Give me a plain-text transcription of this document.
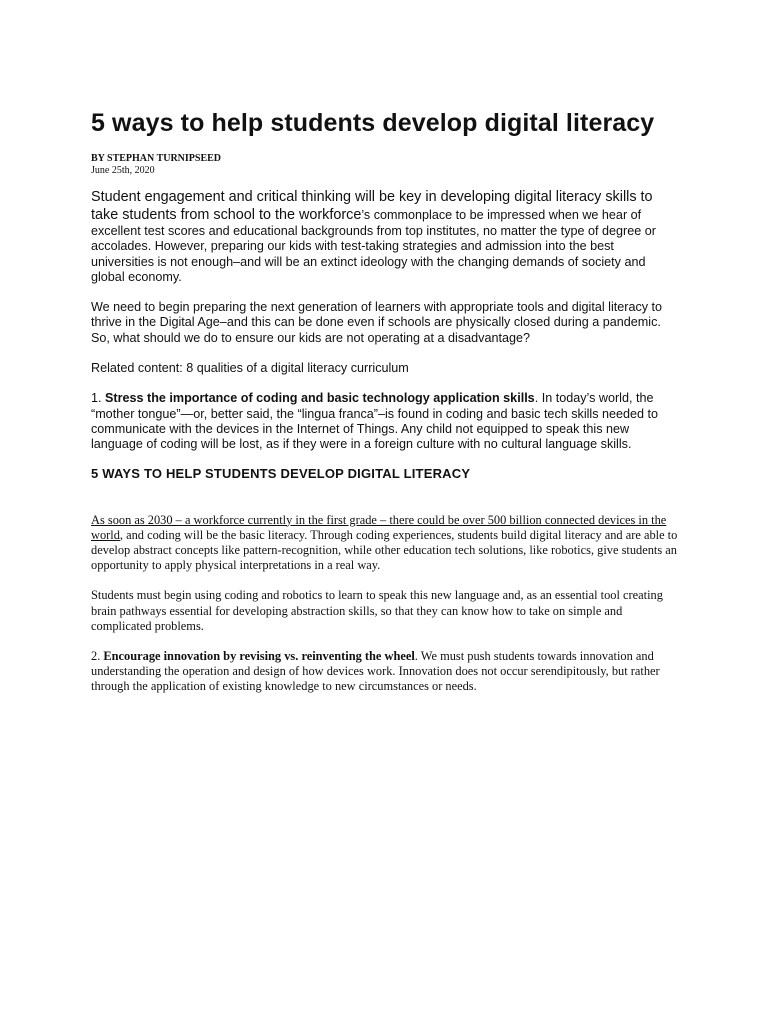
5 ways to help students develop digital literacy
BY STEPHAN TURNIPSEED
June 25th, 2020

Student engagement and critical thinking will be key in developing digital literacy skills to take students from school to the workforce’s commonplace to be impressed when we hear of excellent test scores and educational backgrounds from top institutes, no matter the type of degree or accolades. However, preparing our kids with test-taking strategies and admission into the best universities is not enough–and will be an extinct ideology with the changing demands of society and global economy.

We need to begin preparing the next generation of learners with appropriate tools and digital literacy to thrive in the Digital Age–and this can be done even if schools are physically closed during a pandemic. So, what should we do to ensure our kids are not operating at a disadvantage?

Related content: 8 qualities of a digital literacy curriculum

1. Stress the importance of coding and basic technology application skills. In today’s world, the “mother tongue”—or, better said, the “lingua franca”–is found in coding and basic tech skills needed to communicate with the devices in the Internet of Things. Any child not equipped to speak this new language of coding will be lost, as if they were in a foreign culture with no cultural language skills.

5 WAYS TO HELP STUDENTS DEVELOP DIGITAL LITERACY

As soon as 2030 – a workforce currently in the first grade – there could be over 500 billion connected devices in the world, and coding will be the basic literacy. Through coding experiences, students build digital literacy and are able to develop abstract concepts like pattern-recognition, while other education tech solutions, like robotics, give students an opportunity to apply physical interpretations in a real way.

Students must begin using coding and robotics to learn to speak this new language and, as an essential tool creating brain pathways essential for developing abstraction skills, so that they can know how to take on simple and complicated problems.

2. Encourage innovation by revising vs. reinventing the wheel. We must push students towards innovation and understanding the operation and design of how devices work. Innovation does not occur serendipitously, but rather through the application of existing knowledge to new circumstances or needs.
